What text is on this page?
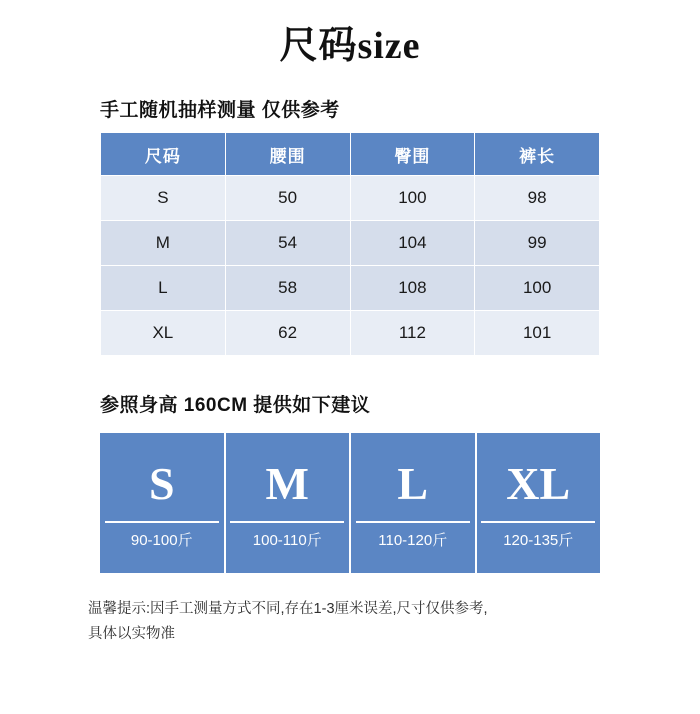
尺码size
手工随机抽样测量 仅供参考
尺码	腰围	臀围	裤长
S	50	100	98
M	54	104	99
L	58	108	100
XL	62	112	101
参照身高 160CM 提供如下建议
S
90-100斤
M
100-110斤
L
110-120斤
XL
120-135斤
温馨提示:因手工测量方式不同,存在1-3厘米误差,尺寸仅供参考,
具体以实物准
